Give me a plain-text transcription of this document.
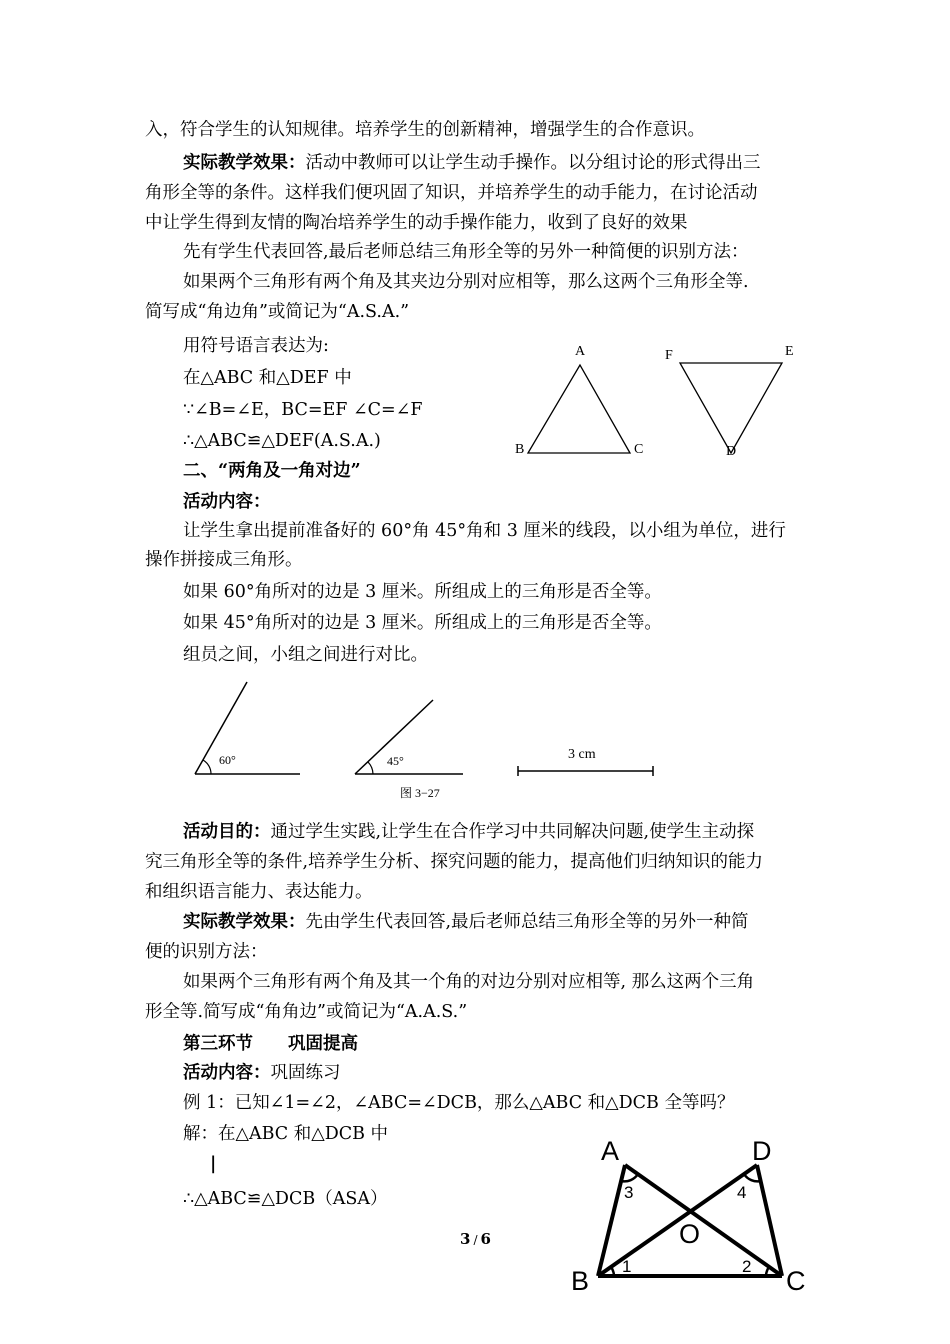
入，符合学生的认知规律。培养学生的创新精神，增强学生的合作意识。
实际教学效果：活动中教师可以让学生动手操作。以分组讨论的形式得出三
角形全等的条件。这样我们便巩固了知识，并培养学生的动手能力，在讨论活动
中让学生得到友情的陶冶培养学生的动手操作能力，收到了良好的效果
先有学生代表回答,最后老师总结三角形全等的另外一种简便的识别方法：
如果两个三角形有两个角及其夹边分别对应相等，那么这两个三角形全等.
简写成“角边角”或简记为“A.S.A.”
用符号语言表达为:
在△ABC 和△DEF 中
∵∠B=∠E，BC=EF ∠C=∠F
∴△ABC≌△DEF(A.S.A.)
二、“两角及一角对边”
活动内容：
让学生拿出提前准备好的 60°角 45°角和 3 厘米的线段，以小组为单位，进行
操作拼接成三角形。
如果 60°角所对的边是 3 厘米。所组成上的三角形是否全等。
如果 45°角所对的边是 3 厘米。所组成上的三角形是否全等。
组员之间，小组之间进行对比。
活动目的：通过学生实践,让学生在合作学习中共同解决问题,使学生主动探
究三角形全等的条件,培养学生分析、探究问题的能力，提高他们归纳知识的能力
和组织语言能力、表达能力。
实际教学效果：先由学生代表回答,最后老师总结三角形全等的另外一种简
便的识别方法：
如果两个三角形有两个角及其一个角的对边分别对应相等, 那么这两个三角
形全等.简写成“角角边”或简记为“A.A.S.”
第三环节　　巩固提高
活动内容：巩固练习
例 1：已知∠1=∠2，∠ABC=∠DCB，那么△ABC 和△DCB 全等吗？
解：在△ABC 和△DCB 中
|
∴△ABC≌△DCB（ASA）
A
B	C
F	E
D
60°	45°	3 cm
图 3−27
A	D
B	C
O
3	4
1	2
3 / 6
